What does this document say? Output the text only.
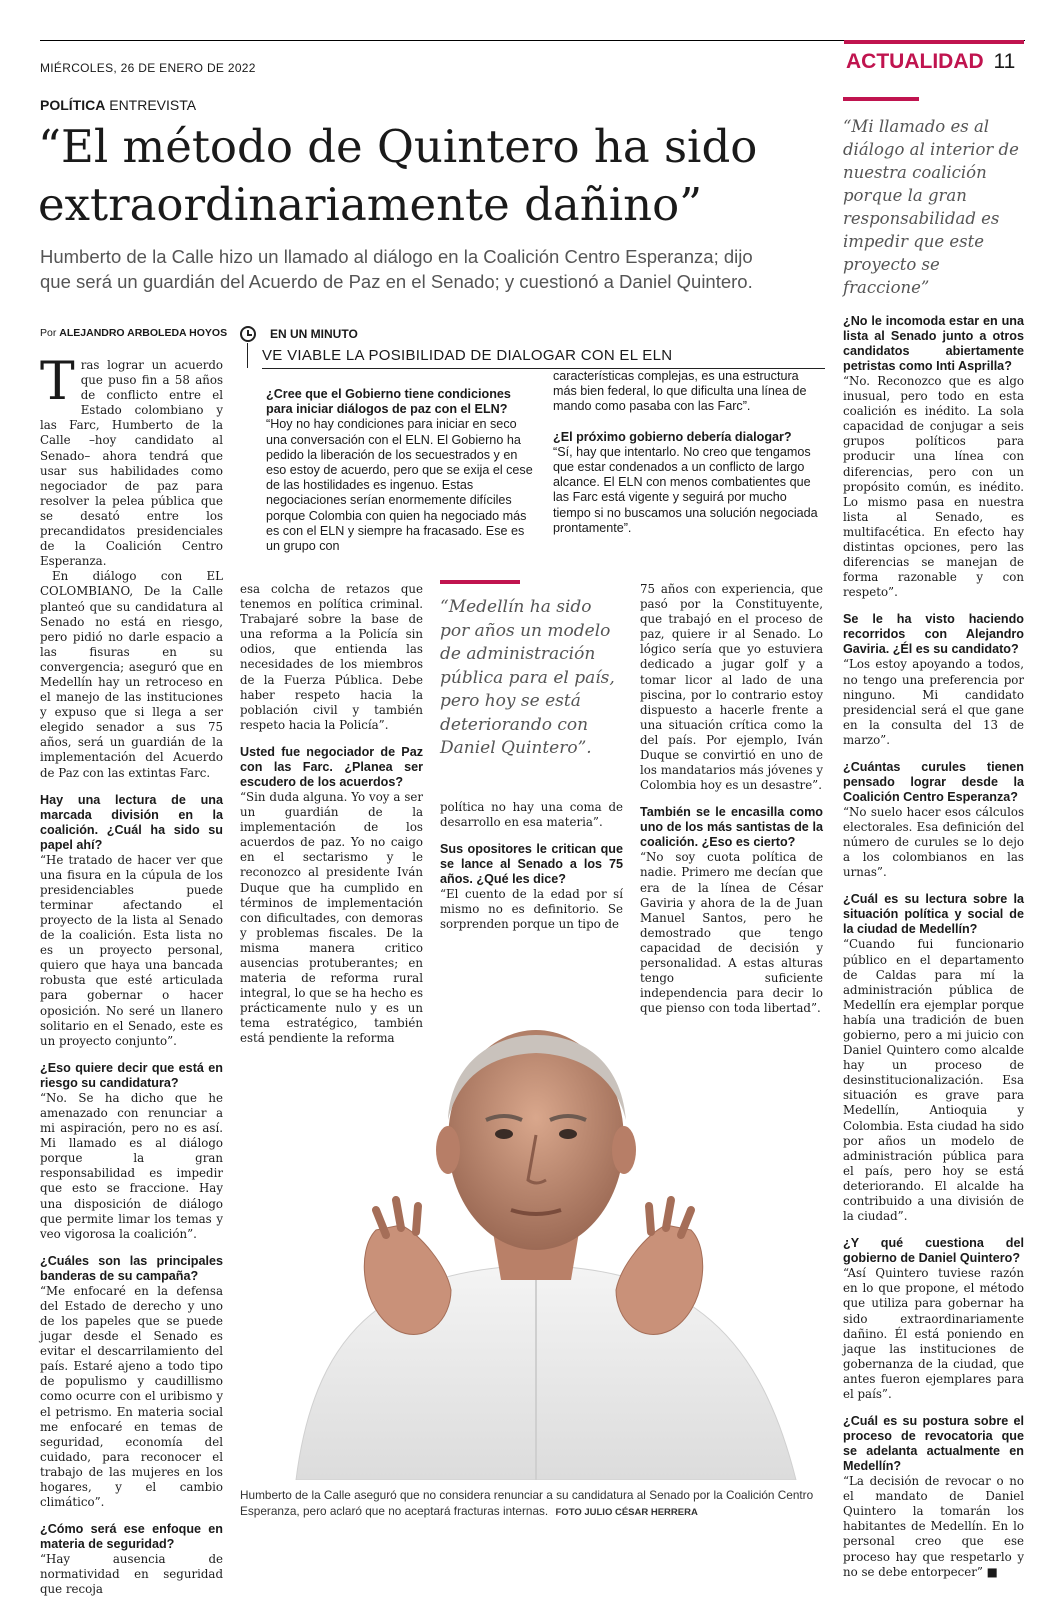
MIÉRCOLES, 26 DE ENERO DE 2022	ACTUALIDAD 11
POLÍTICA ENTREVISTA
“El método de Quintero ha sido
extraordinariamente dañino”
Humberto de la Calle hizo un llamado al diálogo en la Coalición Centro Esperanza; dijo
que será un guardián del Acuerdo de Paz en el Senado; y cuestionó a Daniel Quintero.
“Mi llamado es al diálogo al interior de nuestra coalición porque la gran responsabilidad es impedir que este proyecto se fraccione”
Por ALEJANDRO ARBOLEDA HOYOS

Tras lograr un acuerdo que puso fin a 58 años de conflicto entre el Estado colombiano y las Farc, Humberto de la Calle –hoy candidato al Senado– ahora tendrá que usar sus habilidades como negociador de paz para resolver la pelea pública que se desató entre los precandidatos presidenciales de la Coalición Centro Esperanza.

En diálogo con EL COLOMBIANO, De la Calle planteó que su candidatura al Senado no está en riesgo, pero pidió no darle espacio a las fisuras en su convergencia; aseguró que en Medellín hay un retroceso en el manejo de las instituciones y expuso que si llega a ser elegido senador a sus 75 años, será un guardián de la implementación del Acuerdo de Paz con las extintas Farc.

Hay una lectura de una marcada división en la coalición. ¿Cuál ha sido su papel ahí?

“He tratado de hacer ver que una fisura en la cúpula de los presidenciables puede terminar afectando el proyecto de la lista al Senado de la coalición. Esta lista no es un proyecto personal, quiero que haya una bancada robusta que esté articulada para gobernar o hacer oposición. No seré un llanero solitario en el Senado, este es un proyecto conjunto”.

¿Eso quiere decir que está en riesgo su candidatura?

“No. Se ha dicho que he amenazado con renunciar a mi aspiración, pero no es así. Mi llamado es al diálogo porque la gran responsabilidad es impedir que esto se fraccione. Hay una disposición de diálogo que permite limar los temas y veo vigorosa la coalición”.

¿Cuáles son las principales banderas de su campaña?

“Me enfocaré en la defensa del Estado de derecho y uno de los papeles que se puede jugar desde el Senado es evitar el descarrilamiento del país. Estaré ajeno a todo tipo de populismo y caudillismo como ocurre con el uribismo y el petrismo. En materia social me enfocaré en temas de seguridad, economía del cuidado, para reconocer el trabajo de las mujeres en los hogares, y el cambio climático”.

¿Cómo será ese enfoque en materia de seguridad?

“Hay ausencia de normatividad en seguridad que recoja

EN UN MINUTO
VE VIABLE LA POSIBILIDAD DE DIALOGAR CON EL ELN
¿Cree que el Gobierno tiene condiciones para iniciar diálogos de paz con el ELN?
“Hoy no hay condiciones para iniciar en seco una conversación con el ELN. El Gobierno ha pedido la liberación de los secuestrados y en eso estoy de acuerdo, pero que se exija el cese de las hostilidades es ingenuo. Estas negociaciones serían enormemente difíciles porque Colombia con quien ha negociado más es con el ELN y siempre ha fracasado. Ese es un grupo con
características complejas, es una estructura más bien federal, lo que dificulta una línea de mando como pasaba con las Farc”.
¿El próximo gobierno debería dialogar?
“Sí, hay que intentarlo. No creo que tengamos que estar condenados a un conflicto de largo alcance. El ELN con menos combatientes que las Farc está vigente y seguirá por mucho tiempo si no buscamos una solución negociada prontamente”.

esa colcha de retazos que tenemos en política criminal. Trabajaré sobre la base de una reforma a la Policía sin odios, que entienda las necesidades de los miembros de la Fuerza Pública. Debe haber respeto hacia la población civil y también respeto hacia la Policía”.

Usted fue negociador de Paz con las Farc. ¿Planea ser escudero de los acuerdos?

“Sin duda alguna. Yo voy a ser un guardián de la implementación de los acuerdos de paz. Yo no caigo en el sectarismo y le reconozco al presidente Iván Duque que ha cumplido en términos de implementación con dificultades, con demoras y problemas fiscales. De la misma manera critico ausencias protuberantes; en materia de reforma rural integral, lo que se ha hecho es prácticamente nulo y es un tema estratégico, también está pendiente la reforma

“Medellín ha sido por años un modelo de administración pública para el país, pero hoy se está deteriorando con Daniel Quintero”.

política no hay una coma de desarrollo en esa materia”.

Sus opositores le critican que se lance al Senado a los 75 años. ¿Qué les dice?

“El cuento de la edad por sí mismo no es definitorio. Se sorprenden porque un tipo de

75 años con experiencia, que pasó por la Constituyente, que trabajó en el proceso de paz, quiere ir al Senado. Lo lógico sería que yo estuviera dedicado a jugar golf y a tomar licor al lado de una piscina, por lo contrario estoy dispuesto a hacerle frente a una situación crítica como la del país. Por ejemplo, Iván Duque se convirtió en uno de los mandatarios más jóvenes y Colombia hoy es un desastre”.

También se le encasilla como uno de los más santistas de la coalición. ¿Eso es cierto?

“No soy cuota política de nadie. Primero me decían que era de la línea de César Gaviria y ahora de la de Juan Manuel Santos, pero he demostrado que tengo capacidad de decisión y personalidad. A estas alturas tengo suficiente independencia para decir lo que pienso con toda libertad”.

¿No le incomoda estar en una lista al Senado junto a otros candidatos abiertamente petristas como Inti Asprilla?

“No. Reconozco que es algo inusual, pero todo en esta coalición es inédito. La sola capacidad de conjugar a seis grupos políticos para producir una línea con diferencias, pero con un propósito común, es inédito. Lo mismo pasa en nuestra lista al Senado, es multifacética. En efecto hay distintas opciones, pero las diferencias se manejan de forma razonable y con respeto”.

Se le ha visto haciendo recorridos con Alejandro Gaviria. ¿Él es su candidato?

“Los estoy apoyando a todos, no tengo una preferencia por ninguno. Mi candidato presidencial será el que gane en la consulta del 13 de marzo”.

¿Cuántas curules tienen pensado lograr desde la Coalición Centro Esperanza?

“No suelo hacer esos cálculos electorales. Esa definición del número de curules se lo dejo a los colombianos en las urnas”.

¿Cuál es su lectura sobre la situación política y social de la ciudad de Medellín?

“Cuando fui funcionario público en el departamento de Caldas para mí la administración pública de Medellín era ejemplar porque había una tradición de buen gobierno, pero a mi juicio con Daniel Quintero como alcalde hay un proceso de desinstitucionalización. Esa situación es grave para Medellín, Antioquia y Colombia. Esta ciudad ha sido por años un modelo de administración pública para el país, pero hoy se está deteriorando. El alcalde ha contribuido a una división de la ciudad”.

¿Y qué cuestiona del gobierno de Daniel Quintero?

“Así Quintero tuviese razón en lo que propone, el método que utiliza para gobernar ha sido extraordinariamente dañino. Él está poniendo en jaque las instituciones de gobernanza de la ciudad, que antes fueron ejemplares para el país”.

¿Cuál es su postura sobre el proceso de revocatoria que se adelanta actualmente en Medellín?

“La decisión de revocar o no el mandato de Daniel Quintero la tomarán los habitantes de Medellín. En lo personal creo que ese proceso hay que respetarlo y no se debe entorpecer” ■

Humberto de la Calle aseguró que no considera renunciar a su candidatura al Senado por la Coalición Centro Esperanza, pero aclaró que no aceptará fracturas internas. FOTO JULIO CÉSAR HERRERA
